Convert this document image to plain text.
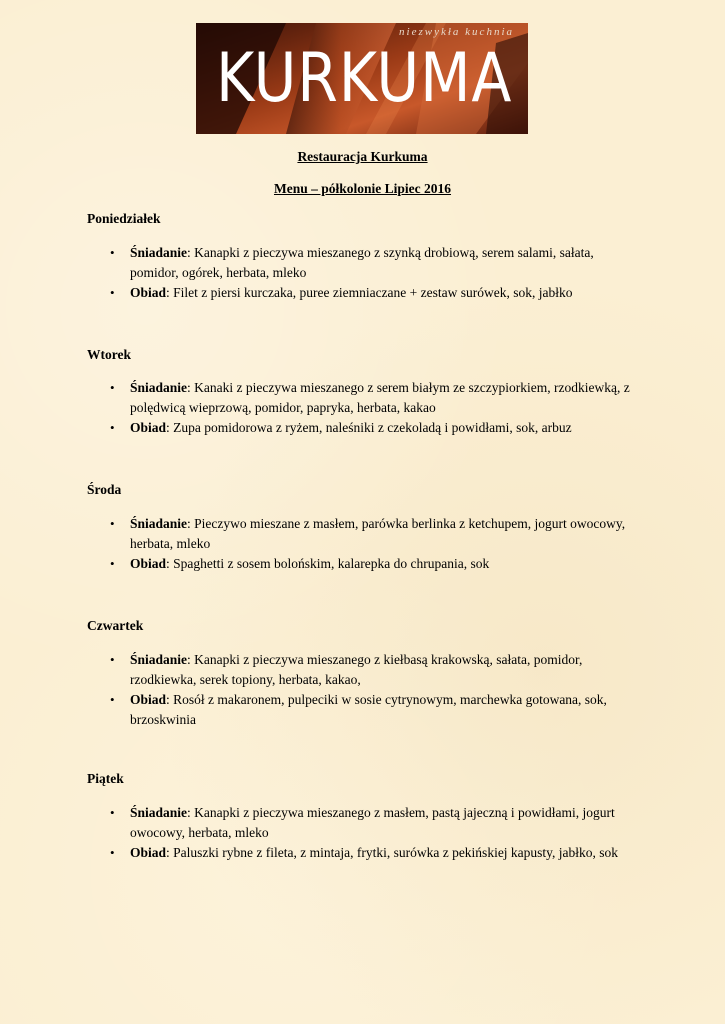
niezwykła kuchnia
KURKUMA
Restauracja Kurkuma
Menu – półkolonie Lipiec 2016
Poniedziałek
• Śniadanie: Kanapki z pieczywa mieszanego z szynką drobiową, serem salami, sałata, pomidor, ogórek, herbata, mleko
• Obiad: Filet z piersi kurczaka, puree ziemniaczane + zestaw surówek, sok, jabłko
Wtorek
• Śniadanie: Kanaki z pieczywa mieszanego z serem białym ze szczypiorkiem, rzodkiewką, z polędwicą wieprzową, pomidor, papryka, herbata, kakao
• Obiad: Zupa pomidorowa z ryżem, naleśniki z czekoladą i powidłami, sok, arbuz
Środa
• Śniadanie: Pieczywo mieszane z masłem, parówka berlinka z ketchupem, jogurt owocowy, herbata, mleko
• Obiad: Spaghetti z sosem bolońskim, kalarepka do chrupania, sok
Czwartek
• Śniadanie: Kanapki z pieczywa mieszanego z kiełbasą krakowską, sałata, pomidor, rzodkiewka, serek topiony, herbata, kakao,
• Obiad: Rosół z makaronem, pulpeciki w sosie cytrynowym, marchewka gotowana, sok, brzoskwinia
Piątek
• Śniadanie: Kanapki z pieczywa mieszanego z masłem, pastą jajeczną i powidłami, jogurt owocowy, herbata, mleko
• Obiad: Paluszki rybne z fileta, z mintaja, frytki, surówka z pekińskiej kapusty, jabłko, sok
